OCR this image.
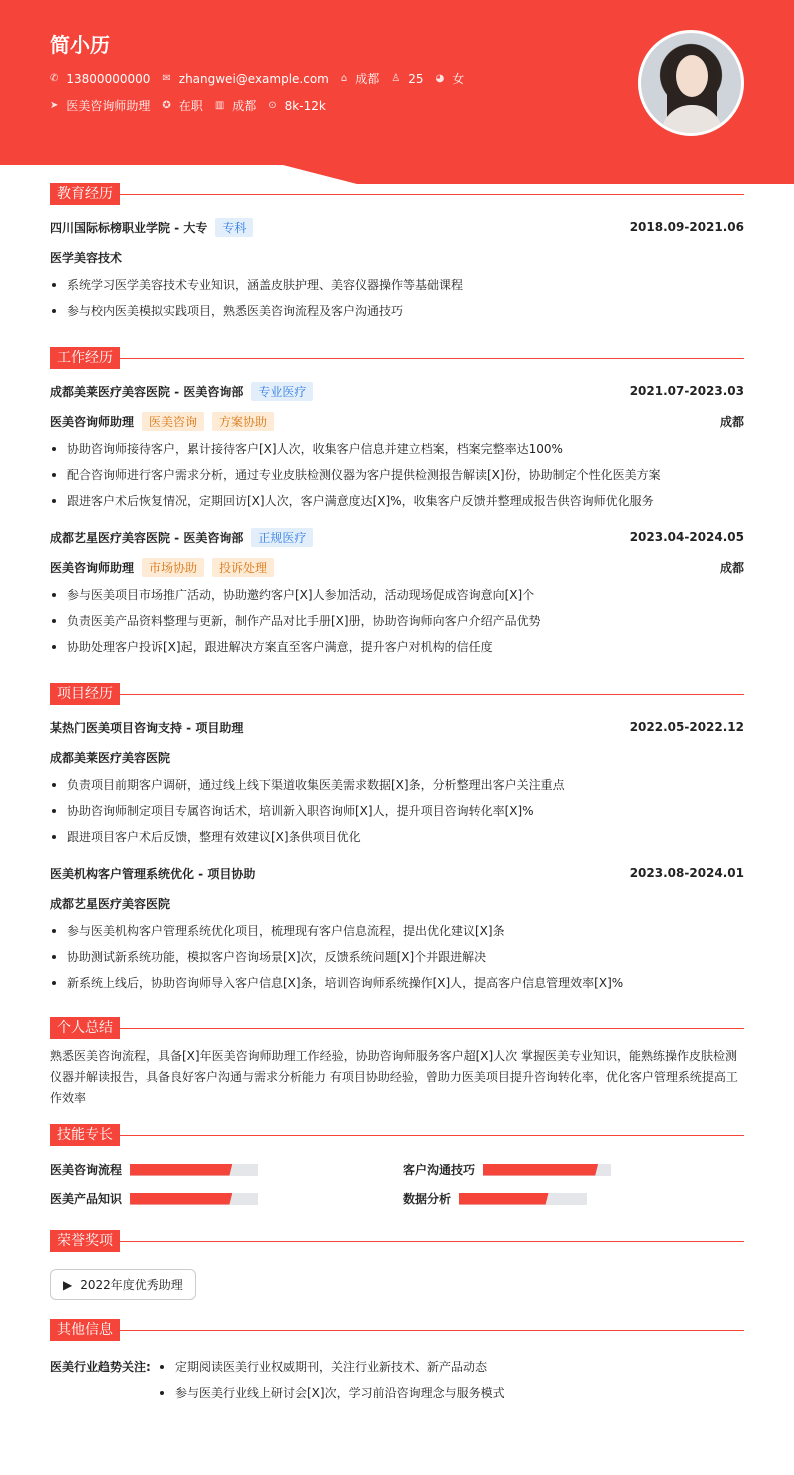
简小历
✆ 13800000000 ✉ zhangwei@example.com ⌂ 成都 ♙ 25 ◕ 女
➤ 医美咨询师助理 ✪ 在职 ▥ 成都 ⊙ 8k-12k
教育经历
四川国际标榜职业学院 - 大专	专科	2018.09-2021.06
医学美容技术
系统学习医学美容技术专业知识，涵盖皮肤护理、美容仪器操作等基础课程
参与校内医美模拟实践项目，熟悉医美咨询流程及客户沟通技巧
工作经历
成都美莱医疗美容医院 - 医美咨询部	专业医疗	2021.07-2023.03
医美咨询师助理	医美咨询	方案协助	成都
协助咨询师接待客户，累计接待客户[X]人次，收集客户信息并建立档案，档案完整率达100%
配合咨询师进行客户需求分析，通过专业皮肤检测仪器为客户提供检测报告解读[X]份，协助制定个性化医美方案
跟进客户术后恢复情况，定期回访[X]人次，客户满意度达[X]%，收集客户反馈并整理成报告供咨询师优化服务
成都艺星医疗美容医院 - 医美咨询部	正规医疗	2023.04-2024.05
医美咨询师助理	市场协助	投诉处理	成都
参与医美项目市场推广活动，协助邀约客户[X]人参加活动，活动现场促成咨询意向[X]个
负责医美产品资料整理与更新，制作产品对比手册[X]册，协助咨询师向客户介绍产品优势
协助处理客户投诉[X]起，跟进解决方案直至客户满意，提升客户对机构的信任度
项目经历
某热门医美项目咨询支持 - 项目助理	2022.05-2022.12
成都美莱医疗美容医院
负责项目前期客户调研，通过线上线下渠道收集医美需求数据[X]条，分析整理出客户关注重点
协助咨询师制定项目专属咨询话术，培训新入职咨询师[X]人，提升项目咨询转化率[X]%
跟进项目客户术后反馈，整理有效建议[X]条供项目优化
医美机构客户管理系统优化 - 项目协助	2023.08-2024.01
成都艺星医疗美容医院
参与医美机构客户管理系统优化项目，梳理现有客户信息流程，提出优化建议[X]条
协助测试新系统功能，模拟客户咨询场景[X]次，反馈系统问题[X]个并跟进解决
新系统上线后，协助咨询师导入客户信息[X]条，培训咨询师系统操作[X]人，提高客户信息管理效率[X]%
个人总结

熟悉医美咨询流程，具备[X]年医美咨询师助理工作经验，协助咨询师服务客户超[X]人次 掌握医美专业知识，能熟练操作皮肤检测仪器并解读报告，具备良好客户沟通与需求分析能力 有项目协助经验，曾助力医美项目提升咨询转化率，优化客户管理系统提高工作效率

技能专长
医美咨询流程	客户沟通技巧
医美产品知识	数据分析
荣誉奖项
▶ 2022年度优秀助理
其他信息
医美行业趋势关注:	定期阅读医美行业权威期刊，关注行业新技术、新产品动态
参与医美行业线上研讨会[X]次，学习前沿咨询理念与服务模式
